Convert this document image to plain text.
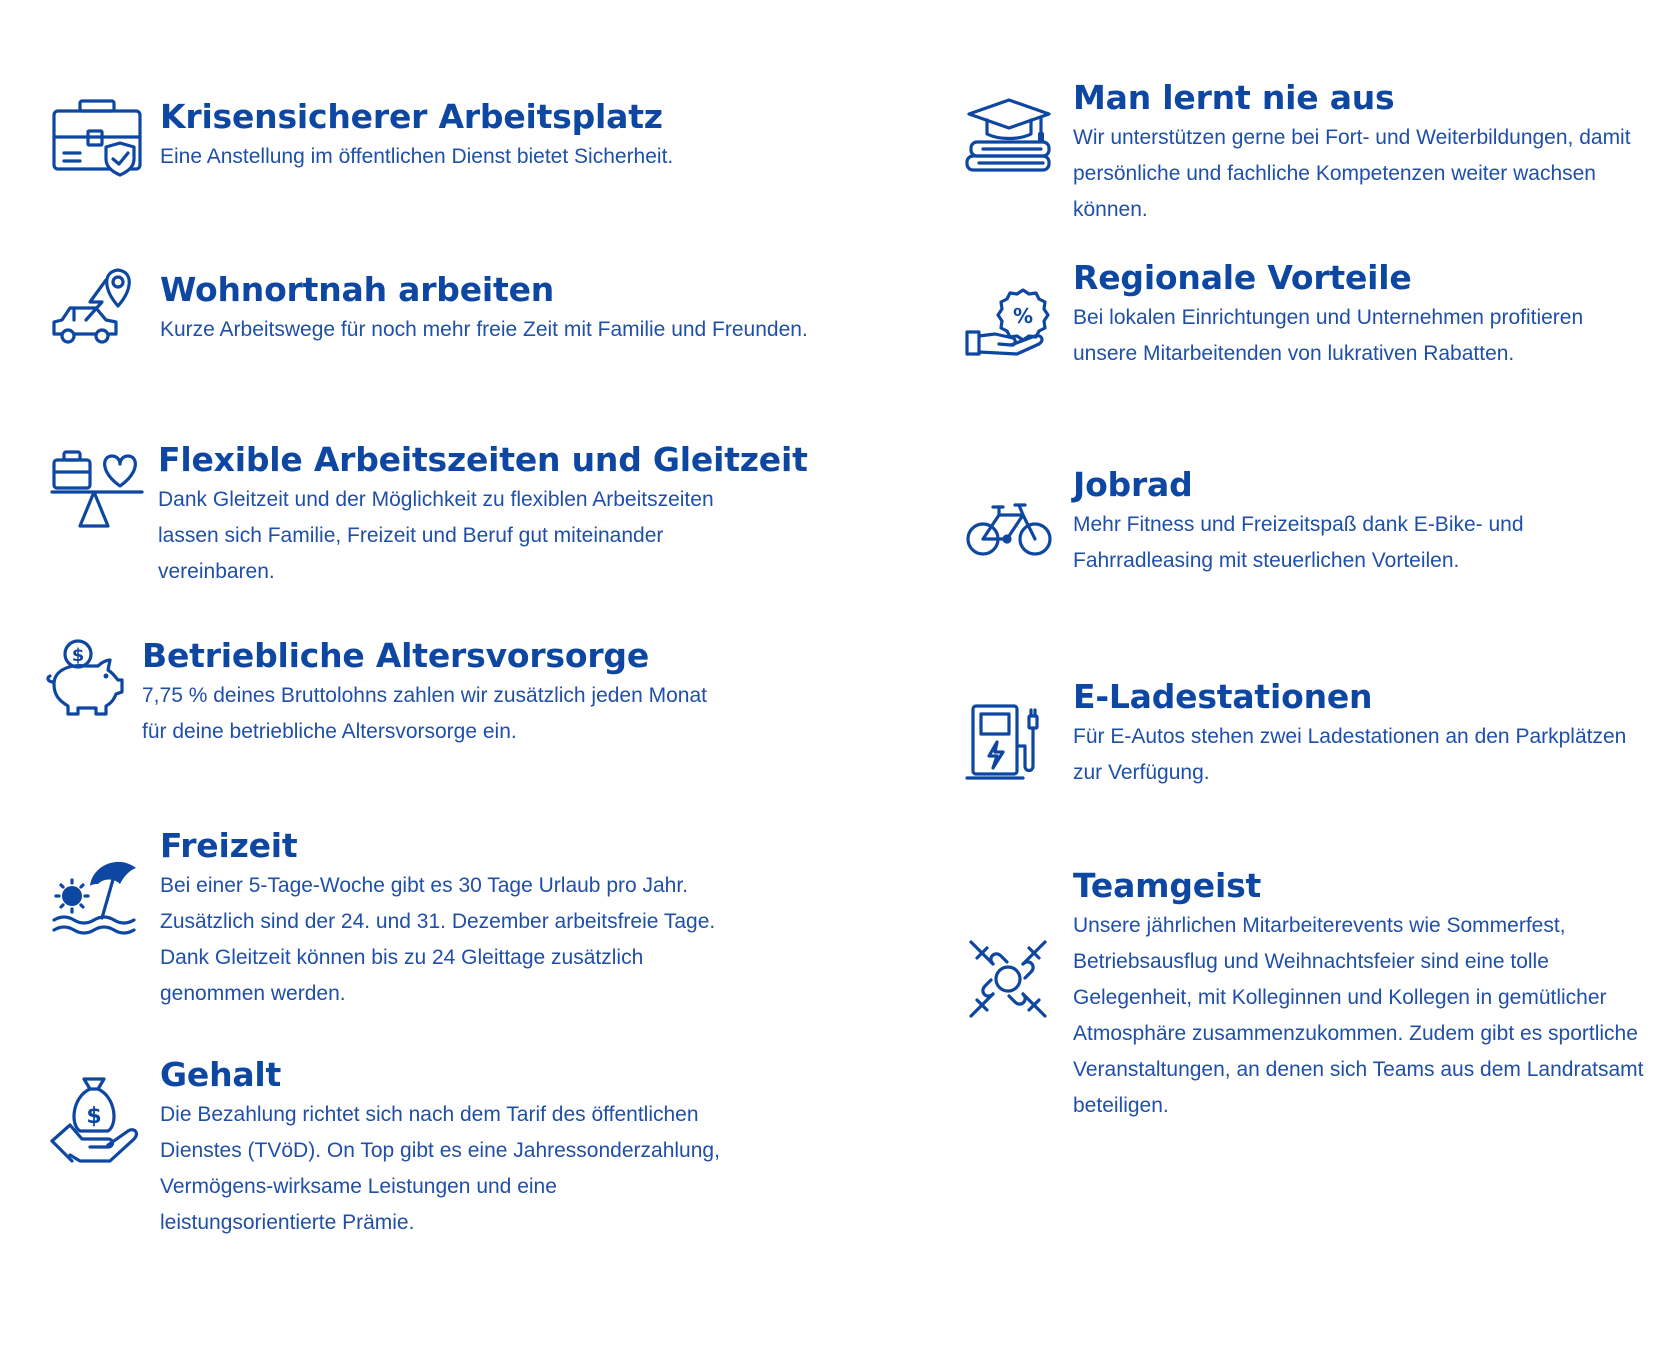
Krisensicherer Arbeitsplatz

Eine Anstellung im öffentlichen Dienst bietet Sicherheit.

Wohnortnah arbeiten

Kurze Arbeitswege für noch mehr freie Zeit mit Familie und Freunden.

Flexible Arbeitszeiten und Gleitzeit

Dank Gleitzeit und der Möglichkeit zu flexiblen Arbeitszeiten lassen sich Familie, Freizeit und Beruf gut miteinander vereinbaren.

$ Betriebliche Altersvorsorge

7,75 % deines Bruttolohns zahlen wir zusätzlich jeden Monat für deine betriebliche Altersvorsorge ein.

Freizeit

Bei einer 5-Tage-Woche gibt es 30 Tage Urlaub pro Jahr. Zusätzlich sind der 24. und 31. Dezember arbeitsfreie Tage. Dank Gleitzeit können bis zu 24 Gleittage zusätzlich genommen werden.

$
Gehalt

Die Bezahlung richtet sich nach dem Tarif des öffentlichen Dienstes (TVöD). On Top gibt es eine Jahressonderzahlung, Vermögens-wirksame Leistungen und eine leistungsorientierte Prämie.

Man lernt nie aus

Wir unterstützen gerne bei Fort- und Weiterbildungen, damit persönliche und fachliche Kompetenzen weiter wachsen können.

%
Regionale Vorteile

Bei lokalen Einrichtungen und Unternehmen profitieren unsere Mitarbeitenden von lukrativen Rabatten.

Jobrad

Mehr Fitness und Freizeitspaß dank E-Bike- und Fahrradleasing mit steuerlichen Vorteilen.

E-Ladestationen

Für E-Autos stehen zwei Ladestationen an den Parkplätzen zur Verfügung.

Teamgeist

Unsere jährlichen Mitarbeiterevents wie Sommerfest, Betriebsausflug und Weihnachtsfeier sind eine tolle Gelegenheit, mit Kolleginnen und Kollegen in gemütlicher Atmosphäre zusammenzukommen. Zudem gibt es sportliche Veranstaltungen, an denen sich Teams aus dem Landratsamt beteiligen.
